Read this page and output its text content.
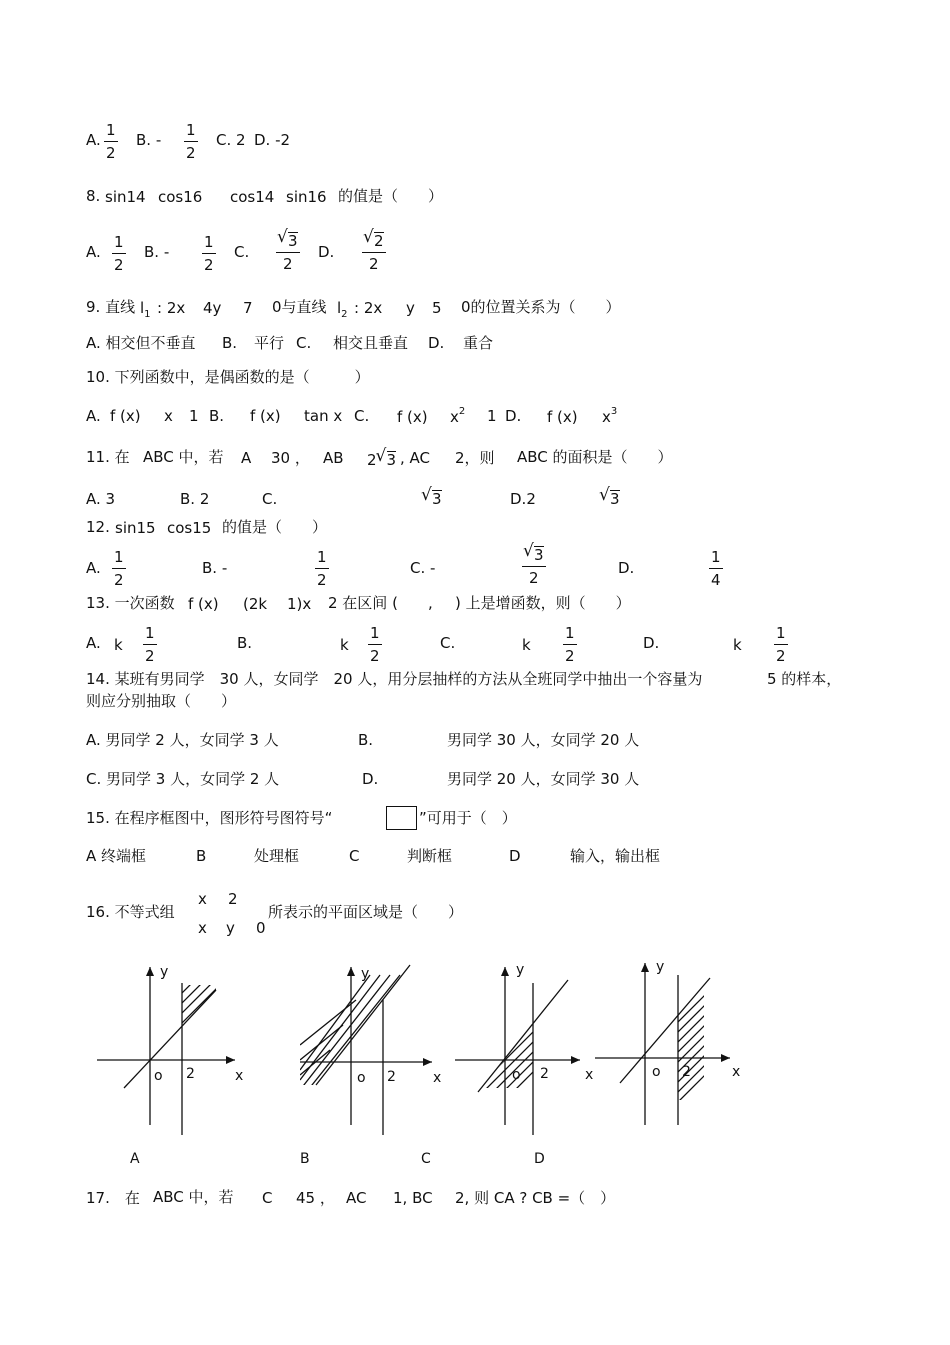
A. $\frac{1}{2} B$. - $\frac{1}{2} C$. 2 D. -2
8. sin14 cos16 cos14 sin16 的值是（　　）
A. $\frac{1}{2} B$. - $\frac{1}{2} C$. √ $\frac{3}{2} D$. √ $\frac{2}{2}$
9. 直线 $l_1$ : 2x 4y 7 0与直线 $l_2$ : 2x y 5 0的位置关系为（　　）
A. 相交但不垂直 B. 平行 C. 相交且垂直 D. 重合
10. 下列函数中，是偶函数的是（　　　）
A. f (x) x 1 B. f (x) tan x C. f (x) $x^2$ 1 D. f (x) $x^3$
11. 在 ABC 中，若 A 30 ， AB 2 √ 3 , AC 2，则 ABC 的面积是（　　）
A. 3	B. 2	C.	√ 3	D.2	√ 3
12. sin15 cos15 的值是（　　）
A. $\frac{1}{2}$	B. -	$\frac{1}{2}$	C. -	√ $\frac{3}{2}$	D.	$\frac{1}{4}$
13. 一次函数 f (x) (2k 1)x 2 在区间 ( , ) 上是增函数，则（　　）
A. k $\frac{1}{2}$	B.	k $\frac{1}{2}$	C.	k $\frac{1}{2}$	D.	k $\frac{1}{2}$
14. 某班有男同学　30 人，女同学　20 人，用分层抽样的方法从全班同学中抽出一个容量为	5 的样本，
则应分别抽取（　　）
A. 男同学 2 人，女同学 3 人	B.	男同学 30 人，女同学 20 人
C. 男同学 3 人，女同学 2 人	D.	男同学 20 人，女同学 30 人
15. 在程序框图中，图形符号图符号“	”可用于（　）
A 终端框	B	处理框	C	判断框	D	输入，输出框
16. 不等式组
x 2
x y 0
所表示的平面区域是（　　）
y
x
o 2
y
x
o 2
y
x
o 2
y
x
o 2
A	B	C	D
17.　在 ABC 中，若 C 45 ， AC 1, BC 2, 则 CA ? CB =（　）
